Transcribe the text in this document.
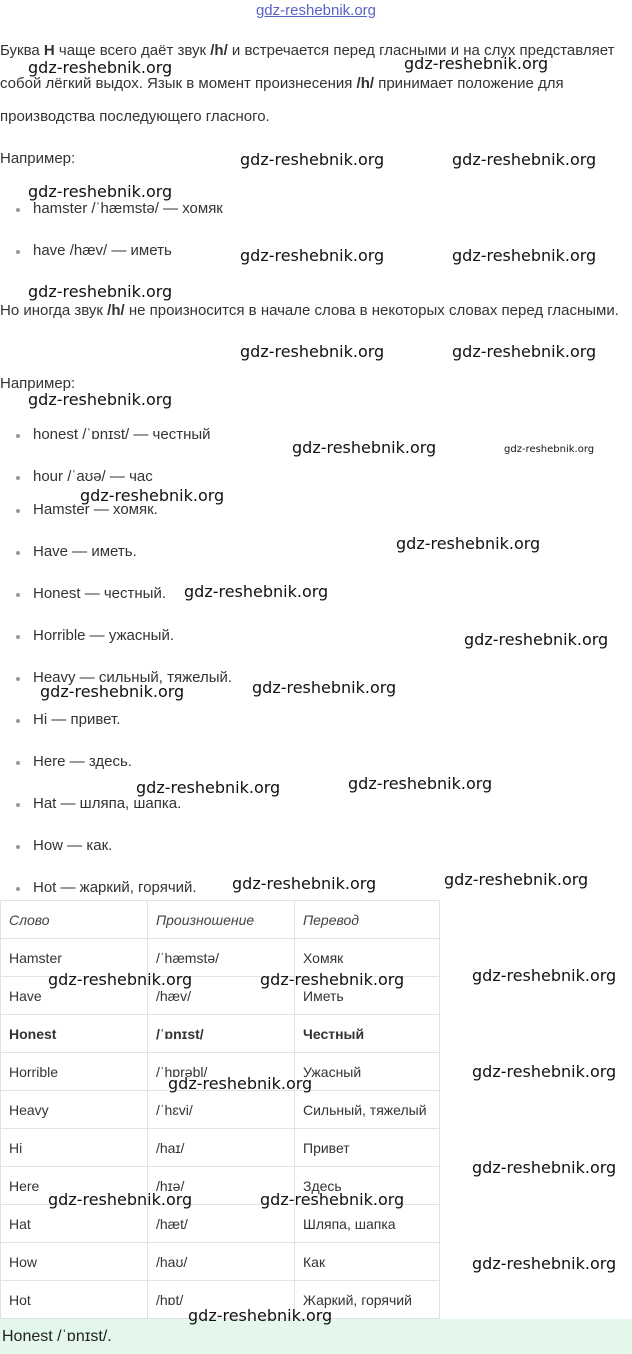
gdz-reshebnik.org

Буква H чаще всего даёт звук /h/ и встречается перед гласными и на слух представляет собой лёгкий выдох. Язык в момент произнесения /h/ принимает положение для производства последующего гласного.

Например:
hamster /ˈhæmstə/ — хомяк
have /hæv/ — иметь

Но иногда звук /h/ не произносится в начале слова в некоторых словах перед гласными.

Например:
honest /ˈɒnɪst/ — честный
hour /ˈaʊə/ — час
Hamster — хомяк.
Have — иметь.
Honest — честный.
Horrible — ужасный.
Heavy — сильный, тяжелый.
Hi — привет.
Here — здесь.
Hat — шляпа, шапка.
How — как.
Hot — жаркий, горячий.
Слово	Произношение	Перевод
Hamster	/ˈhæmstə/	Хомяк
Have	/hæv/	Иметь
Honest	/ˈɒnɪst/	Честный
Horrible	/ˈhɒrəbl/	Ужасный
Heavy	/ˈhɛvi/	Сильный, тяжелый
Hi	/haɪ/	Привет
Here	/hɪə/	Здесь
Hat	/hæt/	Шляпа, шапка
How	/haʊ/	Как
Hot	/hɒt/	Жаркий, горячий
Honest /ˈɒnɪst/.
gdz-reshebnik.org	gdz-reshebnik.org
gdz-reshebnik.org	gdz-reshebnik.org
gdz-reshebnik.org
gdz-reshebnik.org	gdz-reshebnik.org
gdz-reshebnik.org
gdz-reshebnik.org	gdz-reshebnik.org
gdz-reshebnik.org
gdz-reshebnik.org	gdz-reshebnik.org
gdz-reshebnik.org
gdz-reshebnik.org
gdz-reshebnik.org
gdz-reshebnik.org
gdz-reshebnik.org	gdz-reshebnik.org
gdz-reshebnik.org	gdz-reshebnik.org
gdz-reshebnik.org	gdz-reshebnik.org
gdz-reshebnik.org
gdz-reshebnik.org	gdz-reshebnik.org
gdz-reshebnik.org
gdz-reshebnik.org
gdz-reshebnik.org
gdz-reshebnik.org	gdz-reshebnik.org
gdz-reshebnik.org
gdz-reshebnik.org
